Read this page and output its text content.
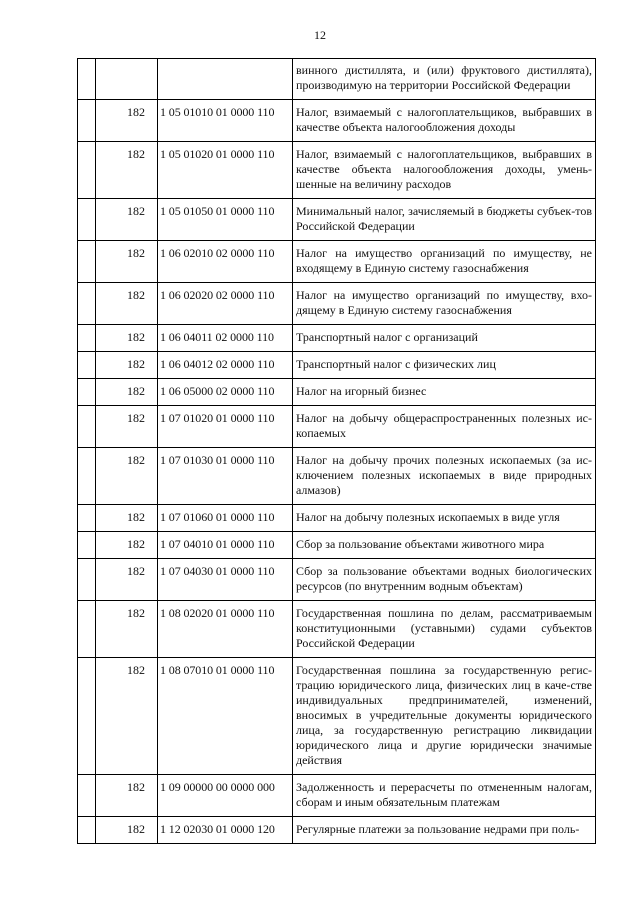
12
			винного дистиллята, и (или) фруктового дистиллята), производимую на территории Российской Федерации
	182	1 05 01010 01 0000 110	Налог, взимаемый с налогоплательщиков, выбравших в качестве объекта налогообложения доходы
	182	1 05 01020 01 0000 110	Налог, взимаемый с налогоплательщиков, выбравших в качестве объекта налогообложения доходы, умень-шенные на величину расходов
	182	1 05 01050 01 0000 110	Минимальный налог, зачисляемый в бюджеты субъек-тов Российской Федерации
	182	1 06 02010 02 0000 110	Налог на имущество организаций по имуществу, не входящему в Единую систему газоснабжения
	182	1 06 02020 02 0000 110	Налог на имущество организаций по имуществу, вхо-дящему в Единую систему газоснабжения
	182	1 06 04011 02 0000 110	Транспортный налог с организаций
	182	1 06 04012 02 0000 110	Транспортный налог с физических лиц
	182	1 06 05000 02 0000 110	Налог на игорный бизнес
	182	1 07 01020 01 0000 110	Налог на добычу общераспространенных полезных ис-копаемых
	182	1 07 01030 01 0000 110	Налог на добычу прочих полезных ископаемых (за ис-ключением полезных ископаемых в виде природных алмазов)
	182	1 07 01060 01 0000 110	Налог на добычу полезных ископаемых в виде угля
	182	1 07 04010 01 0000 110	Сбор за пользование объектами животного мира
	182	1 07 04030 01 0000 110	Сбор за пользование объектами водных биологических ресурсов (по внутренним водным объектам)
	182	1 08 02020 01 0000 110	Государственная пошлина по делам, рассматриваемым конституционными (уставными) судами субъектов Российской Федерации
	182	1 08 07010 01 0000 110	Государственная пошлина за государственную регис-трацию юридического лица, физических лиц в каче-стве индивидуальных предпринимателей, изменений, вносимых в учредительные документы юридического лица, за государственную регистрацию ликвидации юридического лица и другие юридически значимые действия
	182	1 09 00000 00 0000 000	Задолженность и перерасчеты по отмененным налогам, сборам и иным обязательным платежам
	182	1 12 02030 01 0000 120	Регулярные платежи за пользование недрами при поль-
